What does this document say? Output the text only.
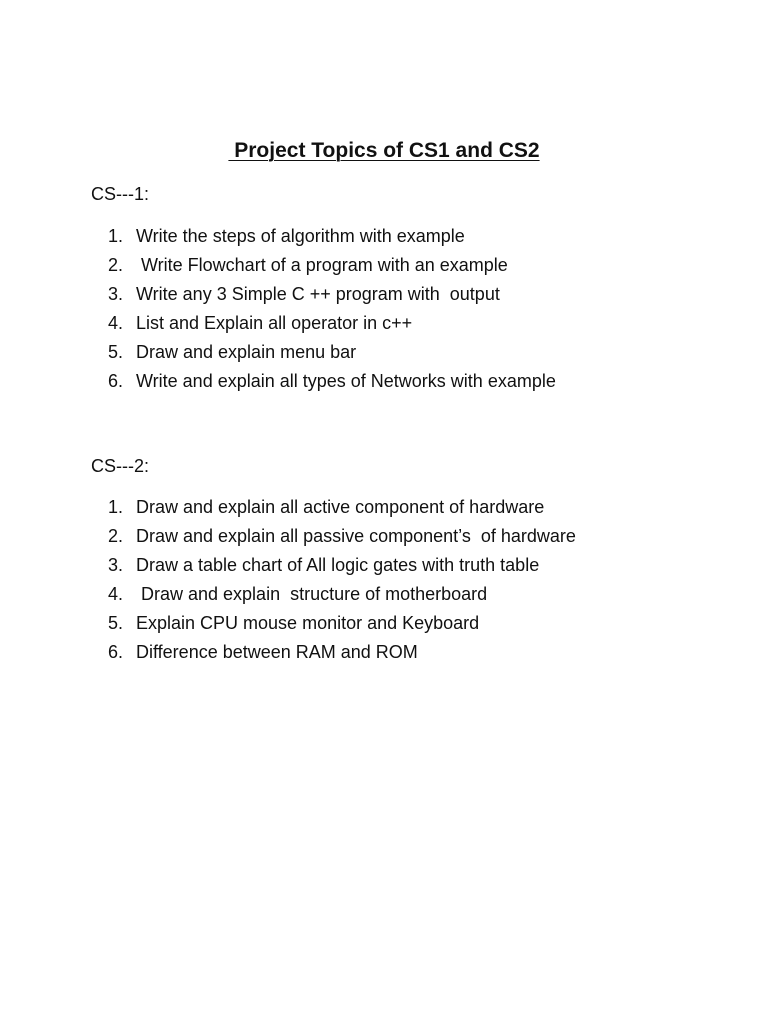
Project Topics of CS1 and CS2
CS---1:
1. Write the steps of algorithm with example
2. Write Flowchart of a program with an example
3. Write any 3 Simple C ++ program with  output
4. List and Explain all operator in c++
5. Draw and explain menu bar
6. Write and explain all types of Networks with example
CS---2:
1. Draw and explain all active component of hardware
2. Draw and explain all passive component’s  of hardware
3. Draw a table chart of All logic gates with truth table
4. Draw and explain  structure of motherboard
5. Explain CPU mouse monitor and Keyboard
6. Difference between RAM and ROM
